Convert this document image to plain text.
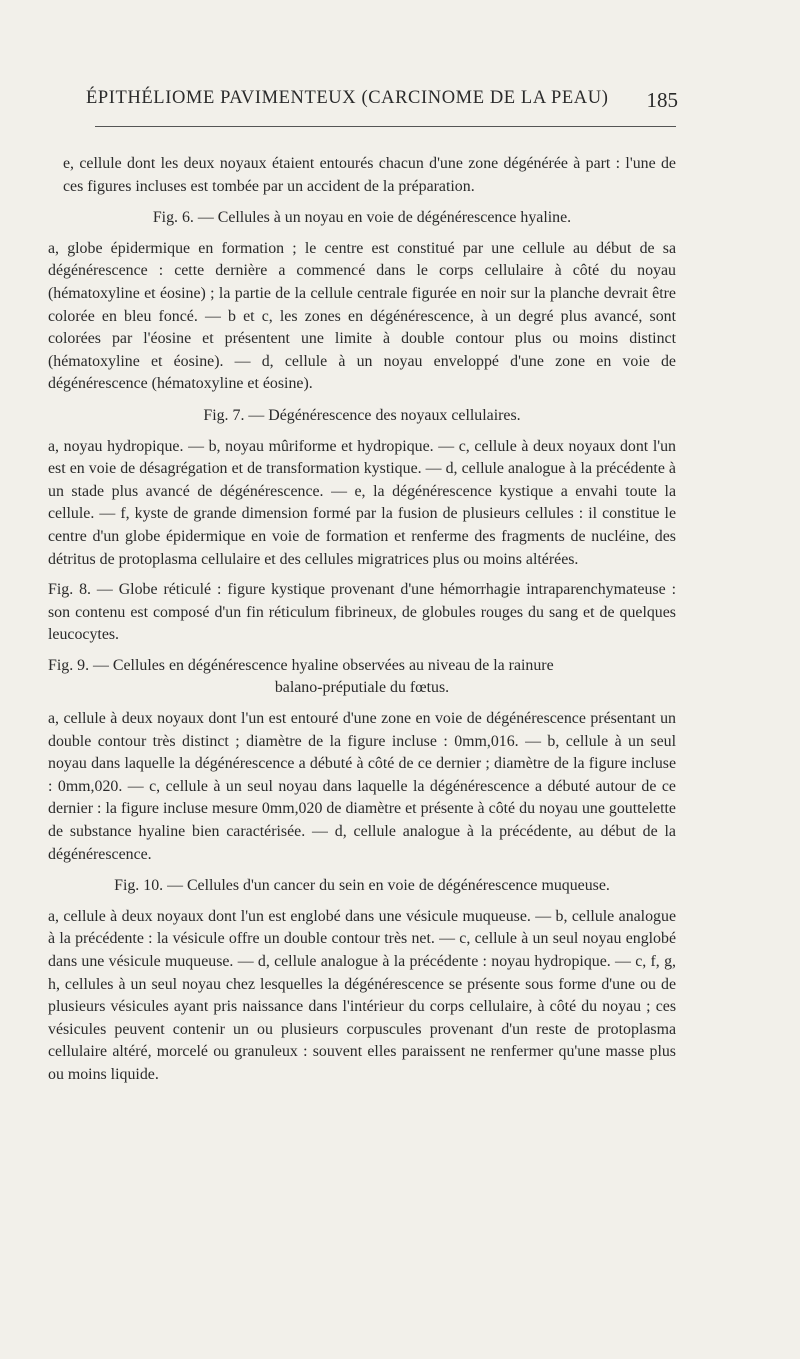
ÉPITHÉLIOME PAVIMENTEUX (CARCINOME DE LA PEAU) 185

e, cellule dont les deux noyaux étaient entourés chacun d'une zone dégénérée à part : l'une de ces figures incluses est tombée par un accident de la préparation.

Fig. 6. — Cellules à un noyau en voie de dégénérescence hyaline.

a, globe épidermique en formation ; le centre est constitué par une cellule au début de sa dégénérescence : cette dernière a commencé dans le corps cellulaire à côté du noyau (hématoxyline et éosine) ; la partie de la cellule centrale figurée en noir sur la planche devrait être colorée en bleu foncé. — b et c, les zones en dégénérescence, à un degré plus avancé, sont colorées par l'éosine et présentent une limite à double contour plus ou moins distinct (hématoxyline et éosine). — d, cellule à un noyau enveloppé d'une zone en voie de dégénérescence (hématoxyline et éosine).

Fig. 7. — Dégénérescence des noyaux cellulaires.

a, noyau hydropique. — b, noyau mûriforme et hydropique. — c, cellule à deux noyaux dont l'un est en voie de désagrégation et de transformation kystique. — d, cellule analogue à la précédente à un stade plus avancé de dégénérescence. — e, la dégénérescence kystique a envahi toute la cellule. — f, kyste de grande dimension formé par la fusion de plusieurs cellules : il constitue le centre d'un globe épidermique en voie de formation et renferme des fragments de nucléine, des détritus de protoplasma cellulaire et des cellules migratrices plus ou moins altérées.

Fig. 8. — Globe réticulé : figure kystique provenant d'une hémorrhagie intraparenchymateuse : son contenu est composé d'un fin réticulum fibrineux, de globules rouges du sang et de quelques leucocytes.

Fig. 9. — Cellules en dégénérescence hyaline observées au niveau de la rainure

balano-préputiale du fœtus.

a, cellule à deux noyaux dont l'un est entouré d'une zone en voie de dégénérescence présentant un double contour très distinct ; diamètre de la figure incluse : 0mm,016. — b, cellule à un seul noyau dans laquelle la dégénérescence a débuté à côté de ce dernier ; diamètre de la figure incluse : 0mm,020. — c, cellule à un seul noyau dans laquelle la dégénérescence a débuté autour de ce dernier : la figure incluse mesure 0mm,020 de diamètre et présente à côté du noyau une gouttelette de substance hyaline bien caractérisée. — d, cellule analogue à la précédente, au début de la dégénérescence.

Fig. 10. — Cellules d'un cancer du sein en voie de dégénérescence muqueuse.

a, cellule à deux noyaux dont l'un est englobé dans une vésicule muqueuse. — b, cellule analogue à la précédente : la vésicule offre un double contour très net. — c, cellule à un seul noyau englobé dans une vésicule muqueuse. — d, cellule analogue à la précédente : noyau hydropique. — c, f, g, h, cellules à un seul noyau chez lesquelles la dégénérescence se présente sous forme d'une ou de plusieurs vésicules ayant pris naissance dans l'intérieur du corps cellulaire, à côté du noyau ; ces vésicules peuvent contenir un ou plusieurs corpuscules provenant d'un reste de protoplasma cellulaire altéré, morcelé ou granuleux : souvent elles paraissent ne renfermer qu'une masse plus ou moins liquide.
